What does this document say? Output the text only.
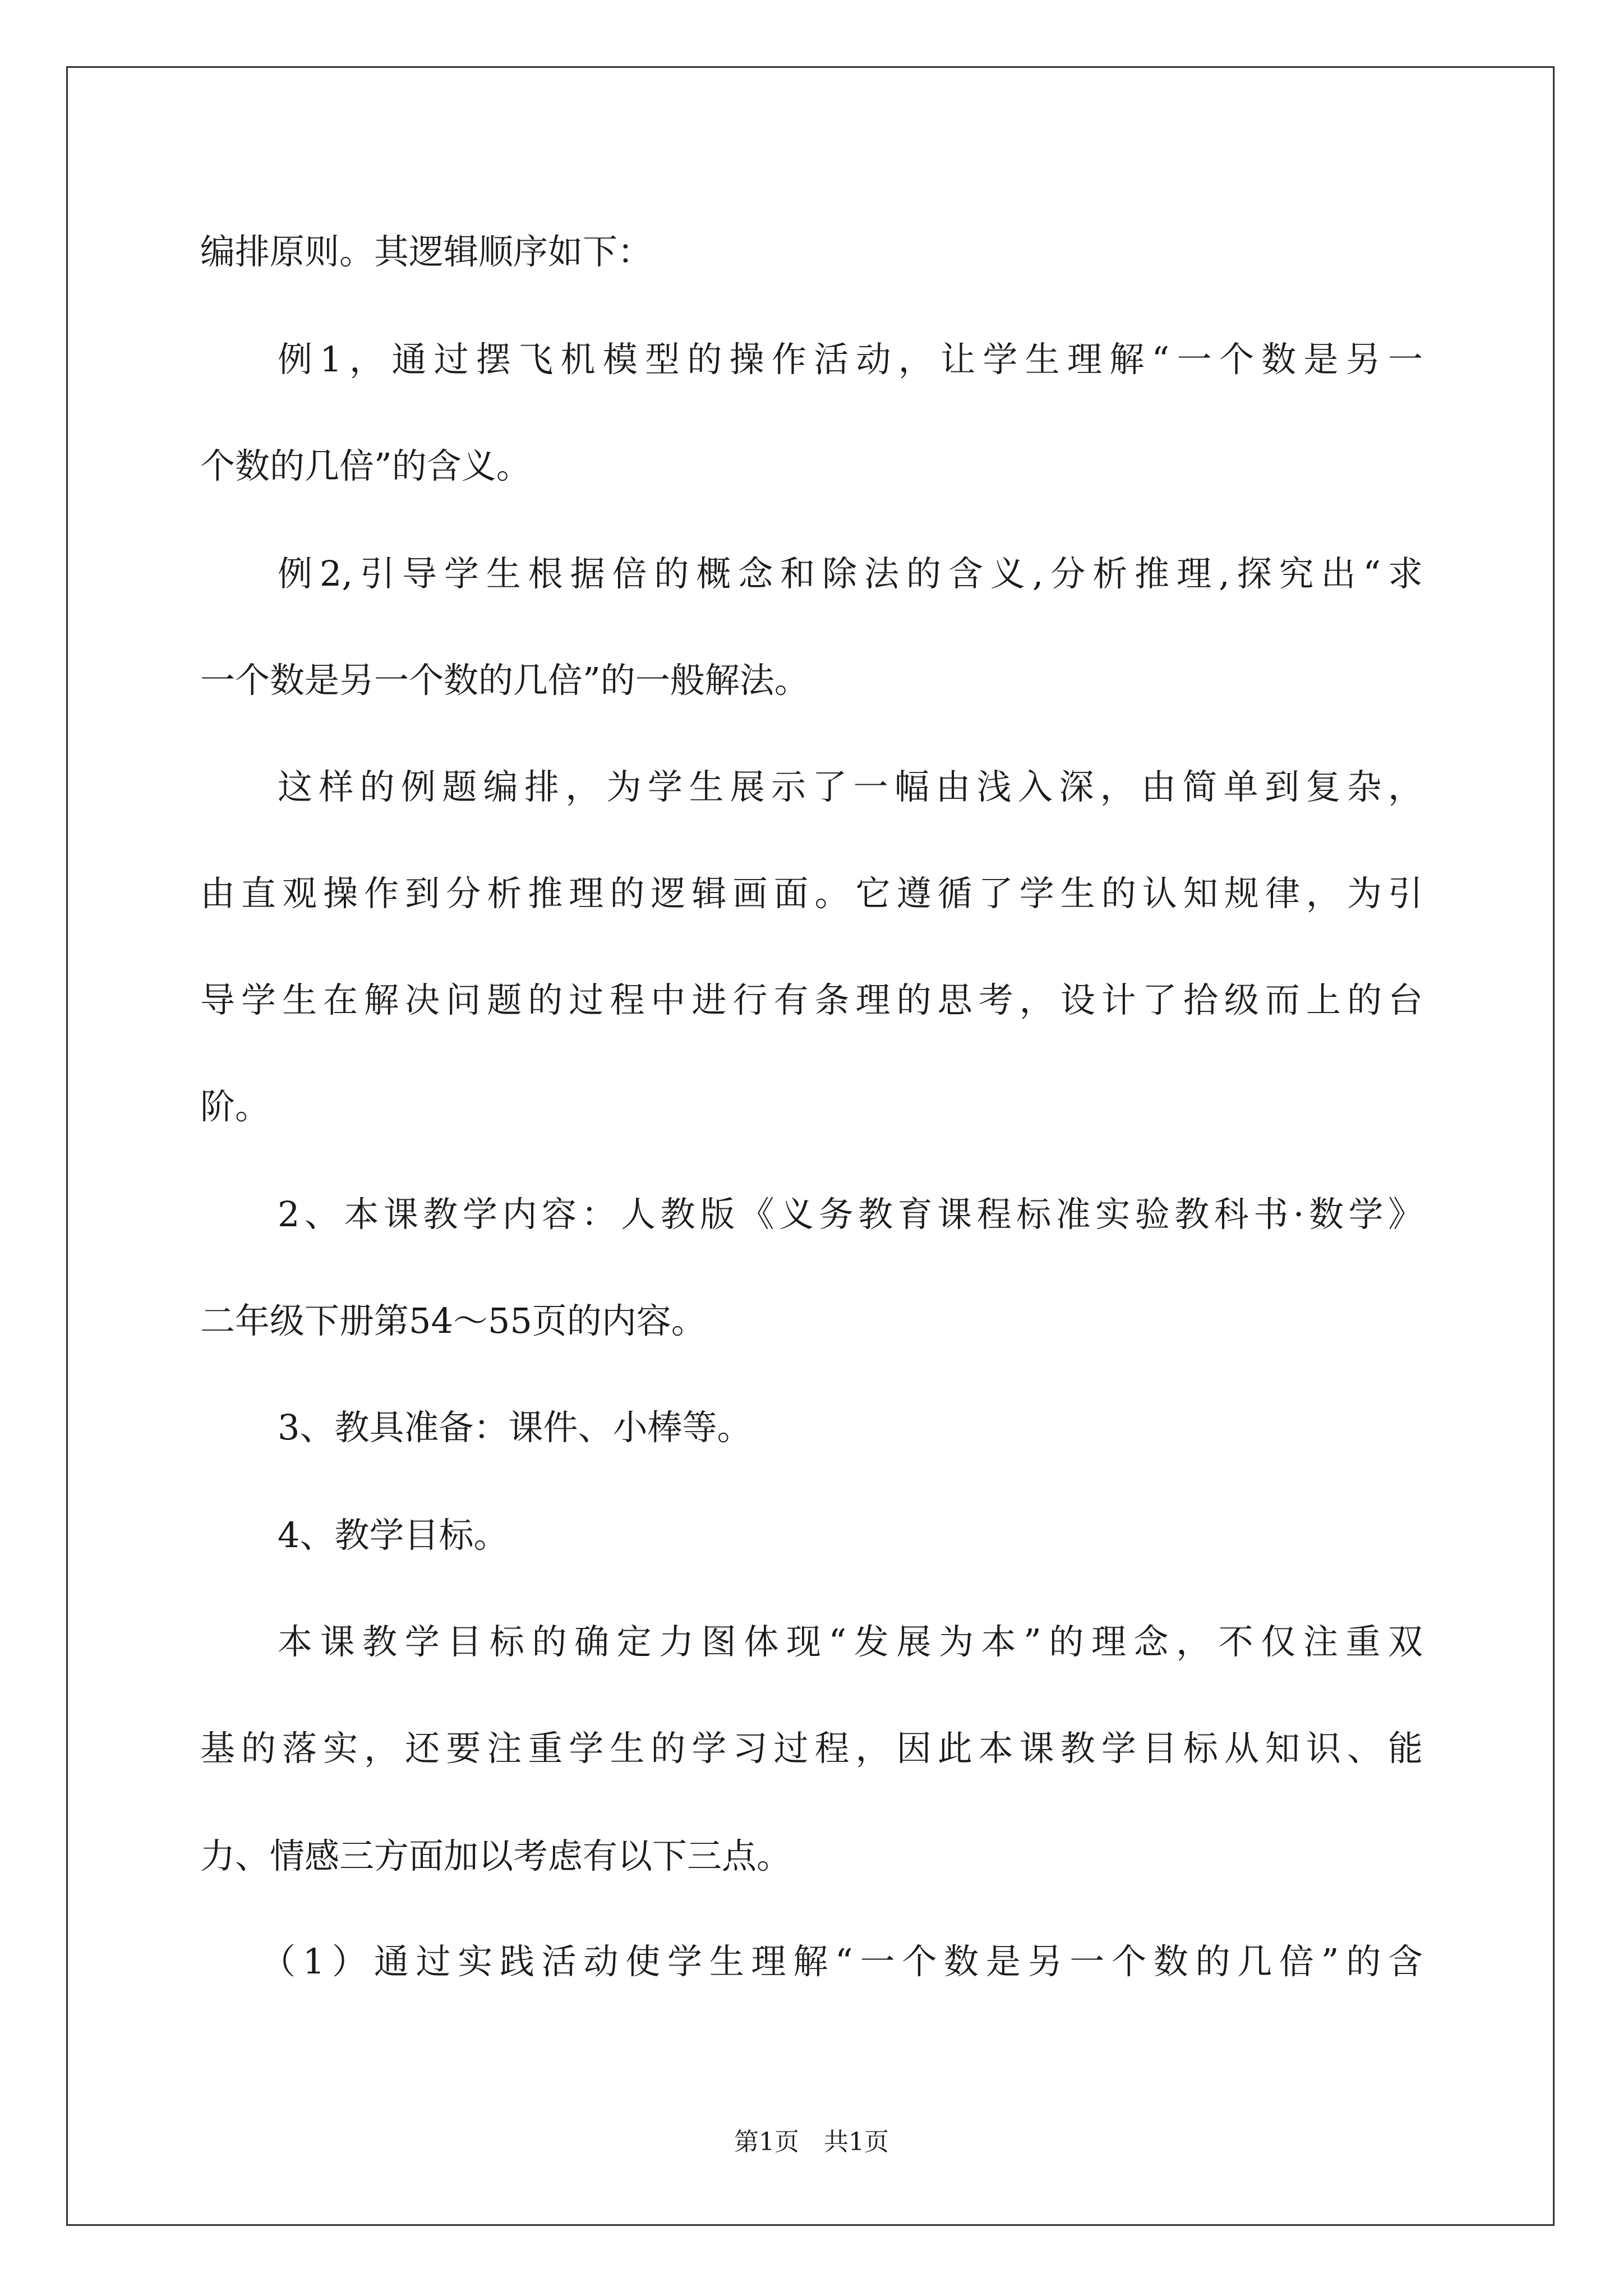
编排原则。其逻辑顺序如下：
例1，通过摆飞机模型的操作活动，让学生理解“一个数是另一
个数的几倍”的含义。
例2,引导学生根据倍的概念和除法的含义,分析推理,探究出“求
一个数是另一个数的几倍”的一般解法。
这样的例题编排，为学生展示了一幅由浅入深，由简单到复杂，
由直观操作到分析推理的逻辑画面。它遵循了学生的认知规律，为引
导学生在解决问题的过程中进行有条理的思考，设计了拾级而上的台
阶。
2、本课教学内容：人教版《义务教育课程标准实验教科书·数学》
二年级下册第54～55页的内容。
3、教具准备：课件、小棒等。
4、教学目标。
本课教学目标的确定力图体现“发展为本”的理念，不仅注重双
基的落实，还要注重学生的学习过程，因此本课教学目标从知识、能
力、情感三方面加以考虑有以下三点。
（1）通过实践活动使学生理解“一个数是另一个数的几倍”的含
第1页　共1页
